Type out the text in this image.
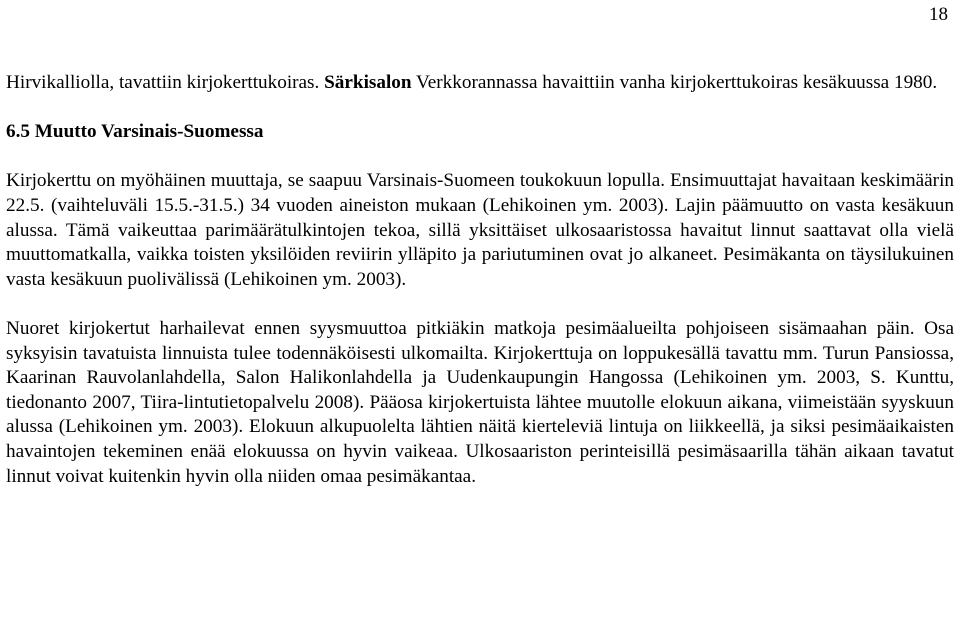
18

Hirvikalliolla, tavattiin kirjokerttukoiras. Särkisalon Verkkorannassa havaittiin vanha kirjokerttukoiras kesäkuussa 1980.

6.5 Muutto Varsinais-Suomessa

Kirjokerttu on myöhäinen muuttaja, se saapuu Varsinais-Suomeen toukokuun lopulla. Ensimuuttajat havaitaan keskimäärin 22.5. (vaihteluväli 15.5.-31.5.) 34 vuoden aineiston mukaan (Lehikoinen ym. 2003). Lajin päämuutto on vasta kesäkuun alussa. Tämä vaikeuttaa parimäärätulkintojen tekoa, sillä yksittäiset ulkosaaristossa havaitut linnut saattavat olla vielä muuttomatkalla, vaikka toisten yksilöiden reviirin ylläpito ja pariutuminen ovat jo alkaneet. Pesimäkanta on täysilukuinen vasta kesäkuun puolivälissä (Lehikoinen ym. 2003).

Nuoret kirjokertut harhailevat ennen syysmuuttoa pitkiäkin matkoja pesimäalueilta pohjoiseen sisämaahan päin. Osa syksyisin tavatuista linnuista tulee todennäköisesti ulkomailta. Kirjokerttuja on loppukesällä tavattu mm. Turun Pansiossa, Kaarinan Rauvolanlahdella, Salon Halikonlahdella ja Uudenkaupungin Hangossa (Lehikoinen ym. 2003, S. Kunttu, tiedonanto 2007, Tiira-lintutietopalvelu 2008). Pääosa kirjokertuista lähtee muutolle elokuun aikana, viimeistään syyskuun alussa (Lehikoinen ym. 2003). Elokuun alkupuolelta lähtien näitä kierteleviä lintuja on liikkeellä, ja siksi pesimäaikaisten havaintojen tekeminen enää elokuussa on hyvin vaikeaa. Ulkosaariston perinteisillä pesimäsaarilla tähän aikaan tavatut linnut voivat kuitenkin hyvin olla niiden omaa pesimäkantaa.
